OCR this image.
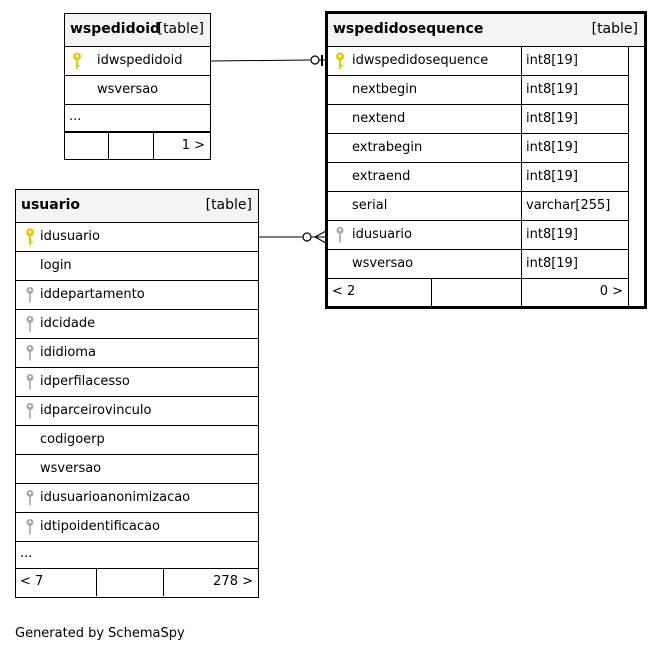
wspedidoid
[table]
idwspedidoid
wsversao
...
1 >
wspedidosequence	[table]
idwspedidosequence	int8[19]
nextbegin	int8[19]
nextend	int8[19]
extrabegin	int8[19]
extraend	int8[19]
serial	varchar[255]
idusuario	int8[19]
wsversao	int8[19]
< 2	0 >
usuario	[table]
idusuario
login
iddepartamento
idcidade
ididioma
idperfilacesso
idparceirovinculo
codigoerp
wsversao
idusuarioanonimizacao
idtipoidentificacao
...
< 7	278 >
Generated by SchemaSpy
